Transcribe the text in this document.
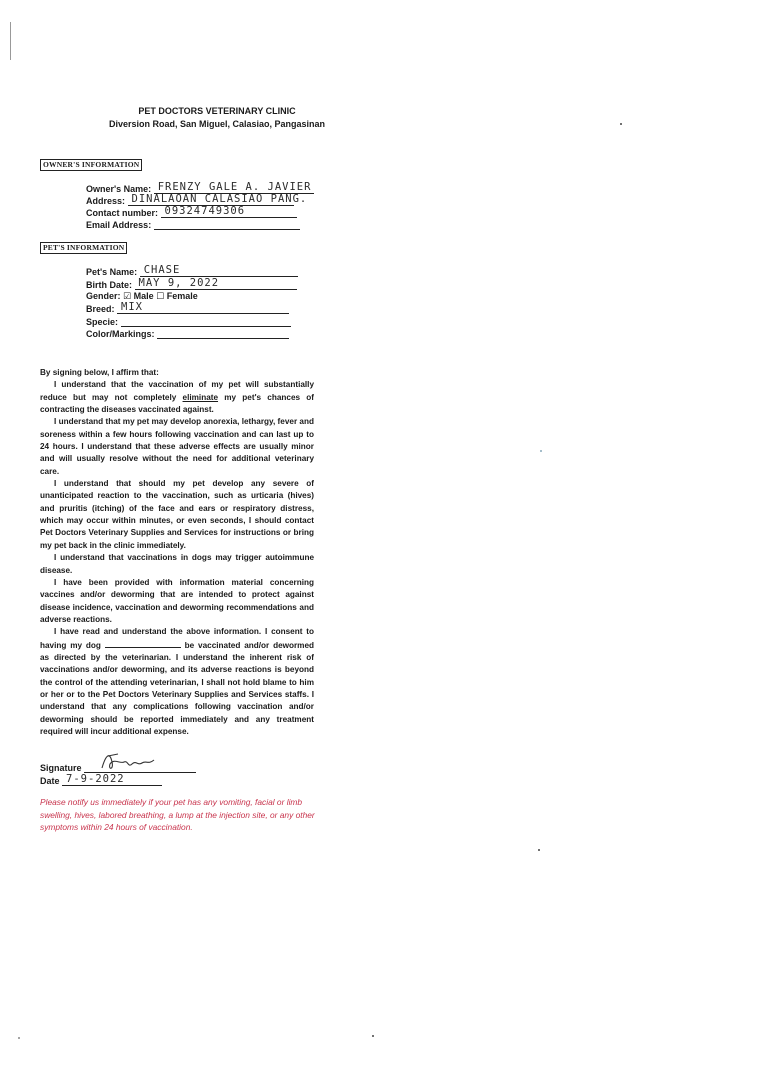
PET DOCTORS VETERINARY CLINIC
Diversion Road, San Miguel, Calasiao, Pangasinan
OWNER'S INFORMATION
Owner's Name: FRENZY GALE A. JAVIER
Address: DINALAOAN CALASIAO PANG.
Contact number: 09324749306
Email Address:
PET'S INFORMATION
Pet's Name: CHASE
Birth Date: MAY 9, 2022
Gender: ☑ Male ☐ Female
Breed: MIX
Specie:
Color/Markings:

By signing below, I affirm that:

I understand that the vaccination of my pet will substantially reduce but may not completely eliminate my pet's chances of contracting the diseases vaccinated against.

I understand that my pet may develop anorexia, lethargy, fever and soreness within a few hours following vaccination and can last up to 24 hours. I understand that these adverse effects are usually minor and will usually resolve without the need for additional veterinary care.

I understand that should my pet develop any severe of unanticipated reaction to the vaccination, such as urticaria (hives) and pruritis (itching) of the face and ears or respiratory distress, which may occur within minutes, or even seconds, I should contact Pet Doctors Veterinary Supplies and Services for instructions or bring my pet back in the clinic immediately.

I understand that vaccinations in dogs may trigger autoimmune disease.

I have been provided with information material concerning vaccines and/or deworming that are intended to protect against disease incidence, vaccination and deworming recommendations and adverse reactions.

I have read and understand the above information. I consent to having my dog	be vaccinated and/or dewormed as directed by the veterinarian. I understand the inherent risk of vaccinations and/or deworming, and its adverse reactions is beyond the control of the attending veterinarian, I shall not hold blame to him or her or to the Pet Doctors Veterinary Supplies and Services staffs. I understand that any complications following vaccination and/or deworming should be reported immediately and any treatment required will incur additional expense.

Signature
Date 7-9-2022
Please notify us immediately if your pet has any vomiting, facial or limb swelling, hives, labored breathing, a lump at the injection site, or any other symptoms within 24 hours of vaccination.
